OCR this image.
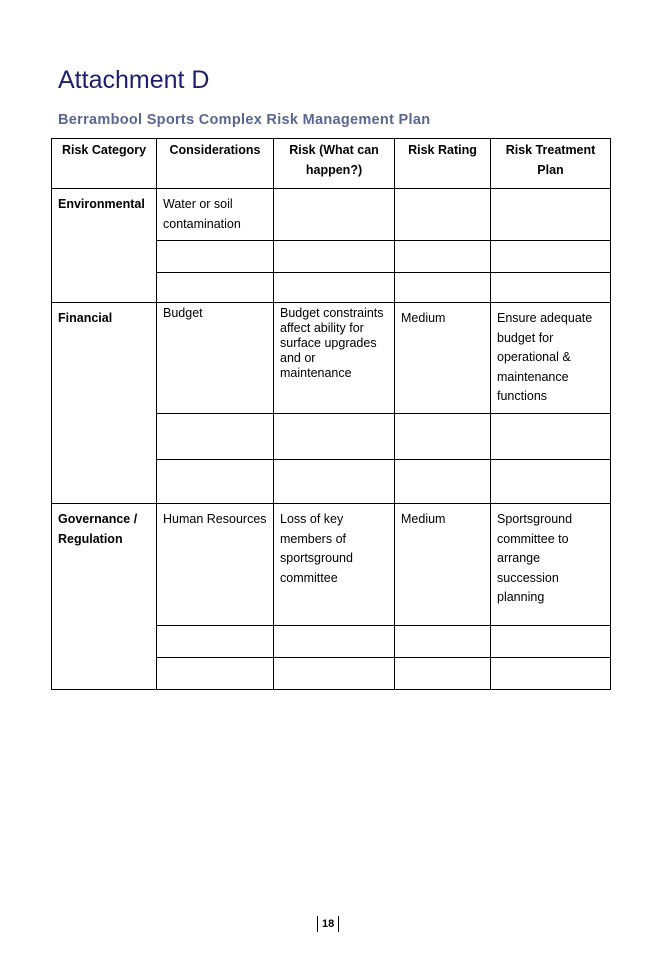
Attachment D
Berrambool Sports Complex Risk Management Plan
Risk Category	Considerations	Risk (What can happen?)	Risk Rating	Risk Treatment Plan
Environmental	Water or soil contamination			

Financial	Budget	Budget constraints affect ability for surface upgrades and or maintenance	Medium	Ensure adequate budget for operational & maintenance functions

Governance / Regulation	Human Resources	Loss of key members of sportsground committee	Medium	Sportsground committee to arrange succession planning

18
